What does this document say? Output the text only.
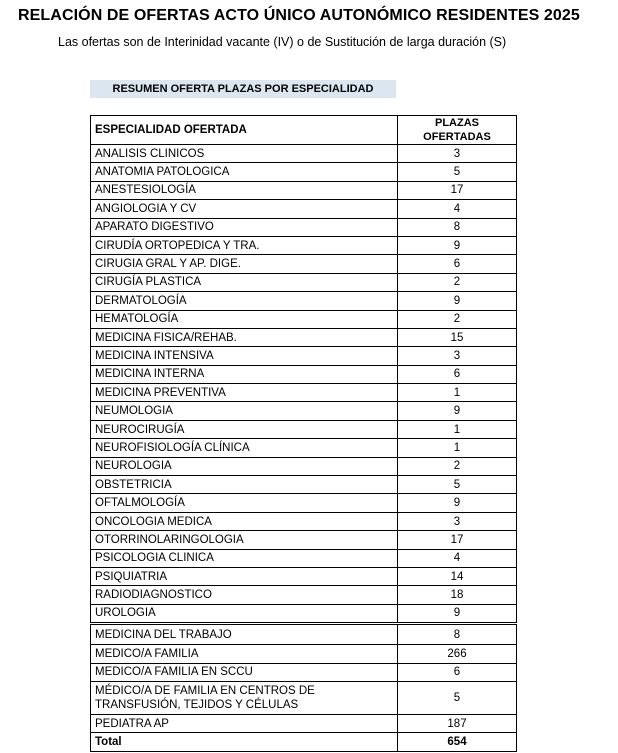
RELACIÓN DE OFERTAS ACTO ÚNICO AUTONÓMICO RESIDENTES 2025
Las ofertas son de Interinidad vacante (IV) o de Sustitución de larga duración (S)
RESUMEN OFERTA PLAZAS POR ESPECIALIDAD
ESPECIALIDAD OFERTADA	PLAZAS OFERTADAS
ANALISIS CLINICOS	3
ANATOMIA PATOLOGICA	5
ANESTESIOLOGÍA	17
ANGIOLOGIA Y CV	4
APARATO DIGESTIVO	8
CIRUDÍA ORTOPEDICA Y TRA.	9
CIRUGIA GRAL Y AP. DIGE.	6
CIRUGÍA PLASTICA	2
DERMATOLOGÍA	9
HEMATOLOGÍA	2
MEDICINA FISICA/REHAB.	15
MEDICINA INTENSIVA	3
MEDICINA INTERNA	6
MEDICINA PREVENTIVA	1
NEUMOLOGIA	9
NEUROCIRUGÍA	1
NEUROFISIOLOGÍA CLÍNICA	1
NEUROLOGIA	2
OBSTETRICIA	5
OFTALMOLOGÍA	9
ONCOLOGIA MEDICA	3
OTORRINOLARINGOLOGIA	17
PSICOLOGIA CLINICA	4
PSIQUIATRIA	14
RADIODIAGNOSTICO	18
UROLOGIA	9
MEDICINA DEL TRABAJO	8
MEDICO/A FAMILIA	266
MEDICO/A FAMILIA EN SCCU	6
MÉDICO/A DE FAMILIA EN CENTROS DE TRANSFUSIÓN, TEJIDOS Y CÉLULAS	5
PEDIATRA AP	187
Total	654
